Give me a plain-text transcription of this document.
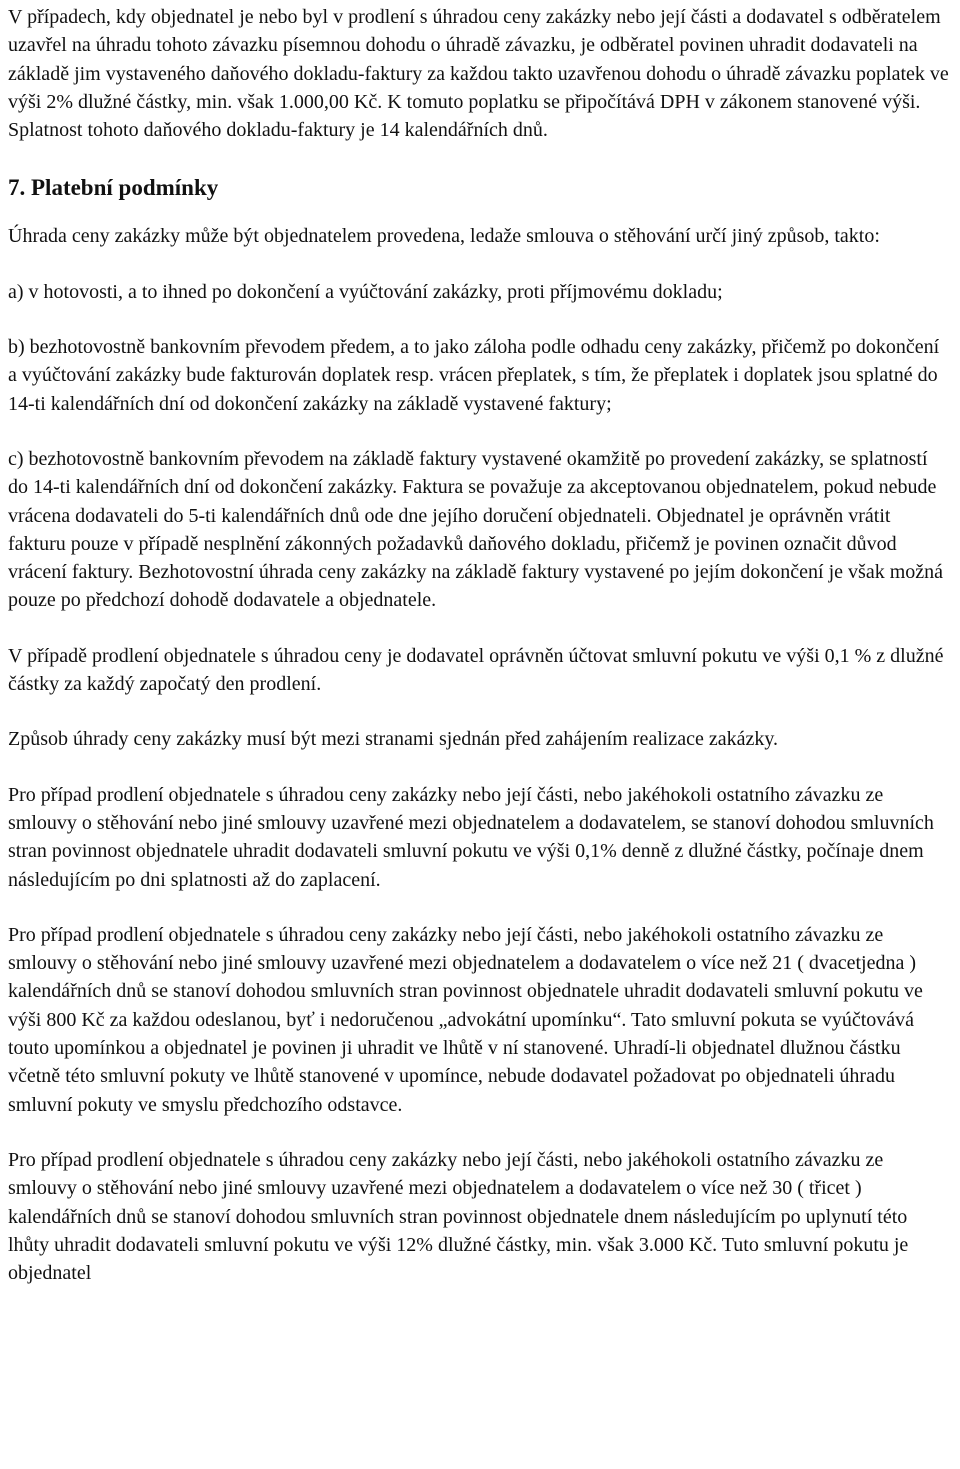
V případech, kdy objednatel je nebo byl v prodlení s úhradou ceny zakázky nebo její části a dodavatel s odběratelem uzavřel na úhradu tohoto závazku písemnou dohodu o úhradě závazku, je odběratel povinen uhradit dodavateli na základě jim vystaveného daňového dokladu-faktury za každou takto uzavřenou dohodu o úhradě závazku poplatek ve výši 2% dlužné částky, min. však 1.000,00 Kč. K tomuto poplatku se připočítává DPH v zákonem stanovené výši. Splatnost tohoto daňového dokladu-faktury je 14 kalendářních dnů.

7. Platební podmínky

Úhrada ceny zakázky může být objednatelem provedena, ledaže smlouva o stěhování určí jiný způsob, takto:

a) v hotovosti, a to ihned po dokončení a vyúčtování zakázky, proti příjmovému dokladu;

b) bezhotovostně bankovním převodem předem, a to jako záloha podle odhadu ceny zakázky, přičemž po dokončení a vyúčtování zakázky bude fakturován doplatek resp. vrácen přeplatek, s tím, že přeplatek i doplatek jsou splatné do 14-ti kalendářních dní od dokončení zakázky na základě vystavené faktury;

c) bezhotovostně bankovním převodem na základě faktury vystavené okamžitě po provedení zakázky, se splatností do 14-ti kalendářních dní od dokončení zakázky. Faktura se považuje za akceptovanou objednatelem, pokud nebude vrácena dodavateli do 5-ti kalendářních dnů ode dne jejího doručení objednateli. Objednatel je oprávněn vrátit fakturu pouze v případě nesplnění zákonných požadavků daňového dokladu, přičemž je povinen označit důvod vrácení faktury. Bezhotovostní úhrada ceny zakázky na základě faktury vystavené po jejím dokončení je však možná pouze po předchozí dohodě dodavatele a objednatele.

V případě prodlení objednatele s úhradou ceny je dodavatel oprávněn účtovat smluvní pokutu ve výši 0,1 % z dlužné částky za každý započatý den prodlení.

Způsob úhrady ceny zakázky musí být mezi stranami sjednán před zahájením realizace zakázky.

Pro případ prodlení objednatele s úhradou ceny zakázky nebo její části, nebo jakéhokoli ostatního závazku ze smlouvy o stěhování nebo jiné smlouvy uzavřené mezi objednatelem a dodavatelem, se stanoví dohodou smluvních stran povinnost objednatele uhradit dodavateli smluvní pokutu ve výši 0,1% denně z dlužné částky, počínaje dnem následujícím po dni splatnosti až do zaplacení.

Pro případ prodlení objednatele s úhradou ceny zakázky nebo její části, nebo jakéhokoli ostatního závazku ze smlouvy o stěhování nebo jiné smlouvy uzavřené mezi objednatelem a dodavatelem o více než 21 ( dvacetjedna ) kalendářních dnů se stanoví dohodou smluvních stran povinnost objednatele uhradit dodavateli smluvní pokutu ve výši 800 Kč za každou odeslanou, byť i nedoručenou „advokátní upomínku“. Tato smluvní pokuta se vyúčtovává touto upomínkou a objednatel je povinen ji uhradit ve lhůtě v ní stanovené. Uhradí-li objednatel dlužnou částku včetně této smluvní pokuty ve lhůtě stanovené v upomínce, nebude dodavatel požadovat po objednateli úhradu smluvní pokuty ve smyslu předchozího odstavce.

Pro případ prodlení objednatele s úhradou ceny zakázky nebo její části, nebo jakéhokoli ostatního závazku ze smlouvy o stěhování nebo jiné smlouvy uzavřené mezi objednatelem a dodavatelem o více než 30 ( třicet ) kalendářních dnů se stanoví dohodou smluvních stran povinnost objednatele dnem následujícím po uplynutí této lhůty uhradit dodavateli smluvní pokutu ve výši 12% dlužné částky, min. však 3.000 Kč. Tuto smluvní pokutu je objednatel
